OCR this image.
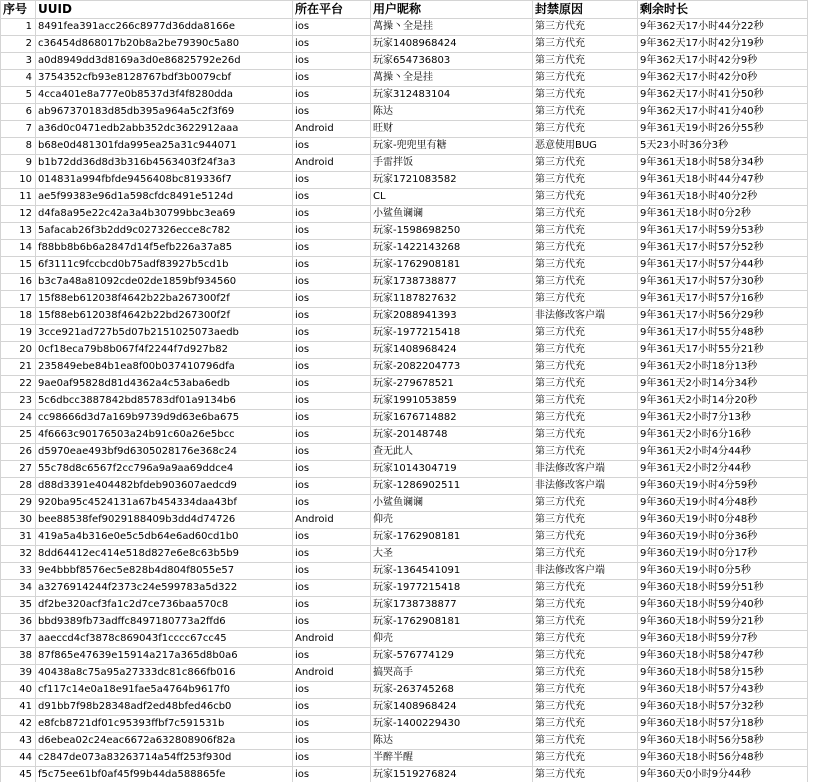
序号	UUID	所在平台	用户昵称	封禁原因	剩余时长
1	8491fea391acc266c8977d36dda8166e	ios	萬操丶全是挂	第三方代充	9年362天17小时44分22秒
2	c36454d868017b20b8a2be79390c5a80	ios	玩家1408968424	第三方代充	9年362天17小时42分19秒
3	a0d8949dd3d8169a3d0e86825792e26d	ios	玩家654736803	第三方代充	9年362天17小时42分9秒
4	3754352cfb93e8128767bdf3b0079cbf	ios	萬操丶全是挂	第三方代充	9年362天17小时42分0秒
5	4cca401e8a777e0b8537d3f4f8280dda	ios	玩家312483104	第三方代充	9年362天17小时41分50秒
6	ab967370183d85db395a964a5c2f3f69	ios	陈达	第三方代充	9年362天17小时41分40秒
7	a36d0c0471edb2abb352dc3622912aaa	Android	旺财	第三方代充	9年361天19小时26分55秒
8	b68e0d481301fda995ea25a31c944071	ios	玩家-兜兜里有糖	恶意使用BUG	5天23小时36分3秒
9	b1b72dd36d8d3b316b4563403f24f3a3	Android	手雷拌饭	第三方代充	9年361天18小时58分34秒
10	014831a994fbfde9456408bc819336f7	ios	玩家1721083582	第三方代充	9年361天18小时44分47秒
11	ae5f99383e96d1a598cfdc8491e5124d	ios	CL	第三方代充	9年361天18小时40分2秒
12	d4fa8a95e22c42a3a4b30799bbc3ea69	ios	小鲨鱼谰谰	第三方代充	9年361天18小时0分2秒
13	5afacab26f3b2dd9c027326ecce8c782	ios	玩家-1598698250	第三方代充	9年361天17小时59分53秒
14	f88bb8b6b6a2847d14f5efb226a37a85	ios	玩家-1422143268	第三方代充	9年361天17小时57分52秒
15	6f3111c9fccbcd0b75adf83927b5cd1b	ios	玩家-1762908181	第三方代充	9年361天17小时57分44秒
16	b3c7a48a81092cde02de1859bf934560	ios	玩家1738738877	第三方代充	9年361天17小时57分30秒
17	15f88eb612038f4642b22ba267300f2f	ios	玩家1187827632	第三方代充	9年361天17小时57分16秒
18	15f88eb612038f4642b22bd267300f2f	ios	玩家2088941393	非法修改客户端	9年361天17小时56分29秒
19	3cce921ad727b5d07b2151025073aedb	ios	玩家-1977215418	第三方代充	9年361天17小时55分48秒
20	0cf18eca79b8b067f4f2244f7d927b82	ios	玩家1408968424	第三方代充	9年361天17小时55分21秒
21	235849ebe84b1ea8f00b037410796dfa	ios	玩家-2082204773	第三方代充	9年361天2小时18分13秒
22	9ae0af95828d81d4362a4c53aba6edb	ios	玩家-279678521	第三方代充	9年361天2小时14分34秒
23	5c6dbcc3887842bd85783df01a9134b6	ios	玩家1991053859	第三方代充	9年361天2小时14分20秒
24	cc98666d3d7a169b9739d9d63e6ba675	ios	玩家1676714882	第三方代充	9年361天2小时7分13秒
25	4f6663c90176503a24b91c60a26e5bcc	ios	玩家-20148748	第三方代充	9年361天2小时6分16秒
26	d5970eae493bf9d6305028176e368c24	ios	查无此人	第三方代充	9年361天2小时4分44秒
27	55c78d8c6567f2cc796a9a9aa69ddce4	ios	玩家1014304719	非法修改客户端	9年361天2小时2分44秒
28	d88d3391e404482bfdeb903607aedcd9	ios	玩家-1286902511	非法修改客户端	9年360天19小时4分59秒
29	920ba95c4524131a67b454334daa43bf	ios	小鲨鱼谰谰	第三方代充	9年360天19小时4分48秒
30	bee88538fef9029188409b3dd4d74726	Android	仰壳	第三方代充	9年360天19小时0分48秒
31	419a5a4b316e0e5c5db64e6ad60cd1b0	ios	玩家-1762908181	第三方代充	9年360天19小时0分36秒
32	8dd64412ec414e518d827e6e8c63b5b9	ios	大圣	第三方代充	9年360天19小时0分17秒
33	9e4bbbf8576ec5e828b4d804f8055e57	ios	玩家-1364541091	非法修改客户端	9年360天19小时0分5秒
34	a3276914244f2373c24e599783a5d322	ios	玩家-1977215418	第三方代充	9年360天18小时59分51秒
35	df2be320acf3fa1c2d7ce736baa570c8	ios	玩家1738738877	第三方代充	9年360天18小时59分40秒
36	bbd9389fb73adffc8497180773a2ffd6	ios	玩家-1762908181	第三方代充	9年360天18小时59分21秒
37	aaeccd4cf3878c869043f1cccc67cc45	Android	仰壳	第三方代充	9年360天18小时59分7秒
38	87f865e47639e15914a217a365d8b0a6	ios	玩家-576774129	第三方代充	9年360天18小时58分47秒
39	40438a8c75a95a27333dc81c866fb016	Android	搞哭高手	第三方代充	9年360天18小时58分15秒
40	cf117c14e0a18e91fae5a4764b9617f0	ios	玩家-263745268	第三方代充	9年360天18小时57分43秒
41	d91bb7f98b28348adf2ed48bfed46cb0	ios	玩家1408968424	第三方代充	9年360天18小时57分32秒
42	e8fcb8721df01c95393ffbf7c591531b	ios	玩家-1400229430	第三方代充	9年360天18小时57分18秒
43	d6ebea02c24eac6672a632808906f82a	ios	陈达	第三方代充	9年360天18小时56分58秒
44	c2847de073a83263714a54ff253f930d	ios	半醉半醒	第三方代充	9年360天18小时56分48秒
45	f5c75ee61bf0af45f99b44da588865fe	ios	玩家1519276824	第三方代充	9年360天0小时9分44秒
